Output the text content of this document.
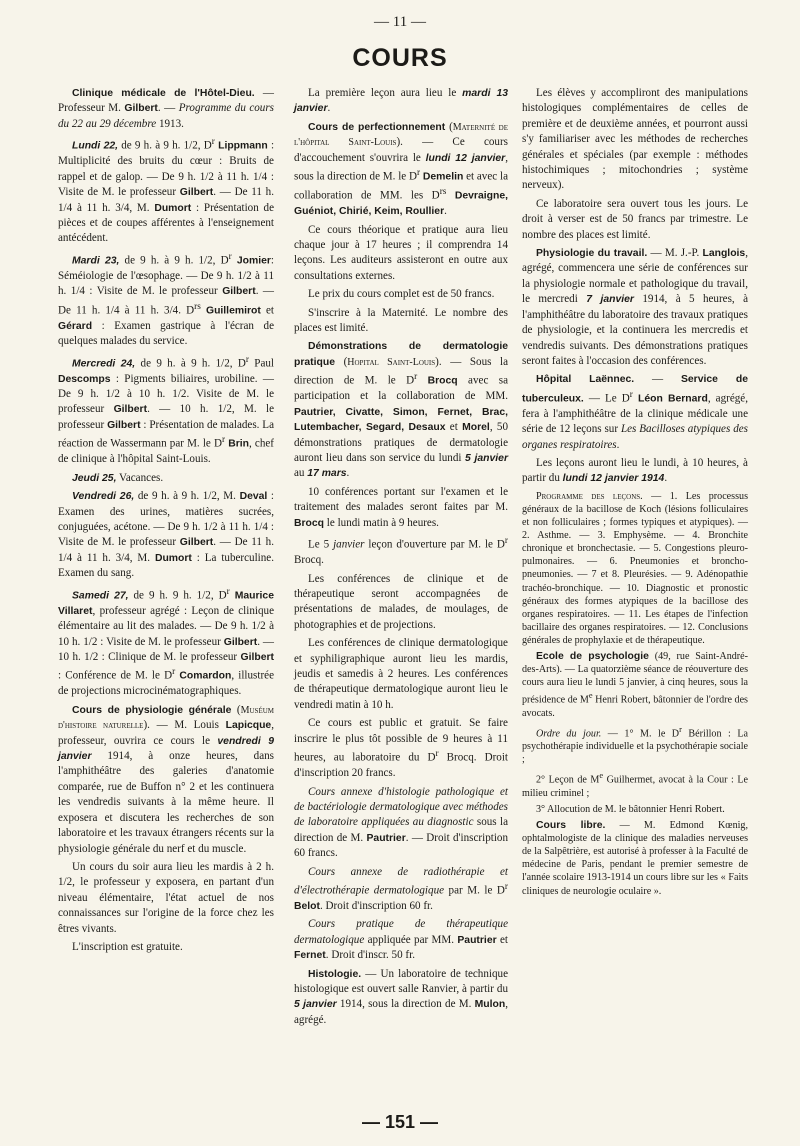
— 11 —
COURS

Clinique médicale de l'Hôtel-Dieu. — Professeur M. Gilbert. — Programme du cours du 22 au 29 décembre 1913.

Lundi 22, de 9 h. à 9 h. 1/2, $D^r$ Lippmann : Multiplicité des bruits du cœur : Bruits de rappel et de galop. — De 9 h. 1/2 à 11 h. 1/4 : Visite de M. le professeur Gilbert. — De 11 h. 1/4 à 11 h. 3/4, M. Dumort : Présentation de pièces et de coupes afférentes à l'enseignement antécédent.

Mardi 23, de 9 h. à 9 h. 1/2, $D^r$ Jomier: Séméiologie de l'œsophage. — De 9 h. 1/2 à 11 h. 1/4 : Visite de M. le professeur Gilbert. — De 11 h. 1/4 à 11 h. 3/4. $D^{rs}$ Guillemirot et Gérard : Examen gastrique à l'écran de quelques malades du service.

Mercredi 24, de 9 h. à 9 h. 1/2, $D^r$ Paul Descomps : Pigments biliaires, urobiline. — De 9 h. 1/2 à 10 h. 1/2. Visite de M. le professeur Gilbert. — 10 h. 1/2, M. le professeur Gilbert : Présentation de malades. La réaction de Wassermann par M. le $D^r$ Brin, chef de clinique à l'hôpital Saint-Louis.

Jeudi 25, Vacances.

Vendredi 26, de 9 h. à 9 h. 1/2, M. Deval : Examen des urines, matières sucrées, conjuguées, acétone. — De 9 h. 1/2 à 11 h. 1/4 : Visite de M. le professeur Gilbert. — De 11 h. 1/4 à 11 h. 3/4, M. Dumort : La tuberculine. Examen du sang.

Samedi 27, de 9 h. 9 h. 1/2, $D^r$ Maurice Villaret, professeur agrégé : Leçon de clinique élémentaire au lit des malades. — De 9 h. 1/2 à 10 h. 1/2 : Visite de M. le professeur Gilbert. — 10 h. 1/2 : Clinique de M. le professeur Gilbert : Conférence de M. le $D^r$ Comardon, illustrée de projections microcinématographiques.

Cours de physiologie générale (Muséum d'histoire naturelle). — M. Louis Lapicque, professeur, ouvrira ce cours le vendredi 9 janvier 1914, à onze heures, dans l'amphithéâtre des galeries d'anatomie comparée, rue de Buffon n° 2 et les continuera les vendredis suivants à la même heure. Il exposera et discutera les recherches de son laboratoire et les travaux étrangers récents sur la physiologie générale du nerf et du muscle.

Un cours du soir aura lieu les mardis à 2 h. 1/2, le professeur y exposera, en partant d'un niveau élémentaire, l'état actuel de nos connaissances sur l'origine de la force chez les êtres vivants.

L'inscription est gratuite.

La première leçon aura lieu le mardi 13 janvier.

Cours de perfectionnement (Maternité de l'hôpital Saint-Louis). — Ce cours d'accouchement s'ouvrira le lundi 12 janvier, sous la direction de M. le $D^r$ Demelin et avec la collaboration de MM. les $D^{rs}$ Devraigne, Guéniot, Chirié, Keim, Roullier.

Ce cours théorique et pratique aura lieu chaque jour à 17 heures ; il comprendra 14 leçons. Les auditeurs assisteront en outre aux consultations externes.

Le prix du cours complet est de 50 francs.

S'inscrire à la Maternité. Le nombre des places est limité.

Démonstrations de dermatologie pratique (Hopital Saint-Louis). — Sous la direction de M. le $D^r$ Brocq avec sa participation et la collaboration de MM. Pautrier, Civatte, Simon, Fernet, Brac, Lutembacher, Segard, Desaux et Morel, 50 démonstrations pratiques de dermatologie auront lieu dans son service du lundi 5 janvier au 17 mars.

10 conférences portant sur l'examen et le traitement des malades seront faites par M. Brocq le lundi matin à 9 heures.

Le 5 janvier leçon d'ouverture par M. le $D^r$ Brocq.

Les conférences de clinique et de thérapeutique seront accompagnées de présentations de malades, de moulages, de photographies et de projections.

Les conférences de clinique dermatologique et syphiligraphique auront lieu les mardis, jeudis et samedis à 2 heures. Les conférences de thérapeutique dermatologique auront lieu le vendredi matin à 10 h.

Ce cours est public et gratuit. Se faire inscrire le plus tôt possible de 9 heures à 11 heures, au laboratoire du $D^r$ Brocq. Droit d'inscription 20 francs.

Cours annexe d'histologie pathologique et de bactériologie dermatologique avec méthodes de laboratoire appliquées au diagnostic sous la direction de M. Pautrier. — Droit d'inscription 60 francs.

Cours annexe de radiothérapie et d'électrothérapie dermatologique par M. le $D^r$ Belot. Droit d'inscription 60 fr.

Cours pratique de thérapeutique dermatologique appliquée par MM. Pautrier et Fernet. Droit d'inscr. 50 fr.

Histologie. — Un laboratoire de technique histologique est ouvert salle Ranvier, à partir du 5 janvier 1914, sous la direction de M. Mulon, agrégé.

Les élèves y accompliront des manipulations histologiques complémentaires de celles de première et de deuxième années, et pourront aussi s'y familiariser avec les méthodes de recherches générales et spéciales (par exemple : méthodes histochimiques ; mitochondries ; système nerveux).

Ce laboratoire sera ouvert tous les jours. Le droit à verser est de 50 francs par trimestre. Le nombre des places est limité.

Physiologie du travail. — M. J.-P. Langlois, agrégé, commencera une série de conférences sur la physiologie normale et pathologique du travail, le mercredi 7 janvier 1914, à 5 heures, à l'amphithéâtre du laboratoire des travaux pratiques de physiologie, et la continuera les mercredis et vendredis suivants. Des démonstrations pratiques seront faites à l'occasion des conférences.

Hôpital Laënnec. — Service de tuberculeux. — Le $D^r$ Léon Bernard, agrégé, fera à l'amphithéâtre de la clinique médicale une série de 12 leçons sur Les Bacilloses atypiques des organes respiratoires.

Les leçons auront lieu le lundi, à 10 heures, à partir du lundi 12 janvier 1914.

Programme des leçons. — 1. Les processus généraux de la bacillose de Koch (lésions folliculaires et non folliculaires ; formes typiques et atypiques). — 2. Asthme. — 3. Emphysème. — 4. Bronchite chronique et bronchectasie. — 5. Congestions pleuro-pulmonaires. — 6. Pneumonies et broncho-pneumonies. — 7 et 8. Pleurésies. — 9. Adénopathie trachéo-bronchique. — 10. Diagnostic et pronostic généraux des formes atypiques de la bacillose des organes respiratoires. — 11. Les étapes de l'infection bacillaire des organes respiratoires. — 12. Conclusions générales de prophylaxie et de thérapeutique.

Ecole de psychologie (49, rue Saint-André-des-Arts). — La quatorzième séance de réouverture des cours aura lieu le lundi 5 janvier, à cinq heures, sous la présidence de Me Henri Robert, bâtonnier de l'ordre des avocats.

Ordre du jour. — 1° M. le $D^r$ Bérillon : La psychothérapie individuelle et la psychothérapie sociale ;

2° Leçon de Me Guilhermet, avocat à la Cour : Le milieu criminel ;

3° Allocution de M. le bâtonnier Henri Robert.

Cours libre. — M. Edmond Kœnig, ophtalmologiste de la clinique des maladies nerveuses de la Salpêtrière, est autorisé à professer à la Faculté de médecine de Paris, pendant le premier semestre de l'année scolaire 1913-1914 un cours libre sur les « Faits cliniques de neurologie oculaire ».

— 151 —
